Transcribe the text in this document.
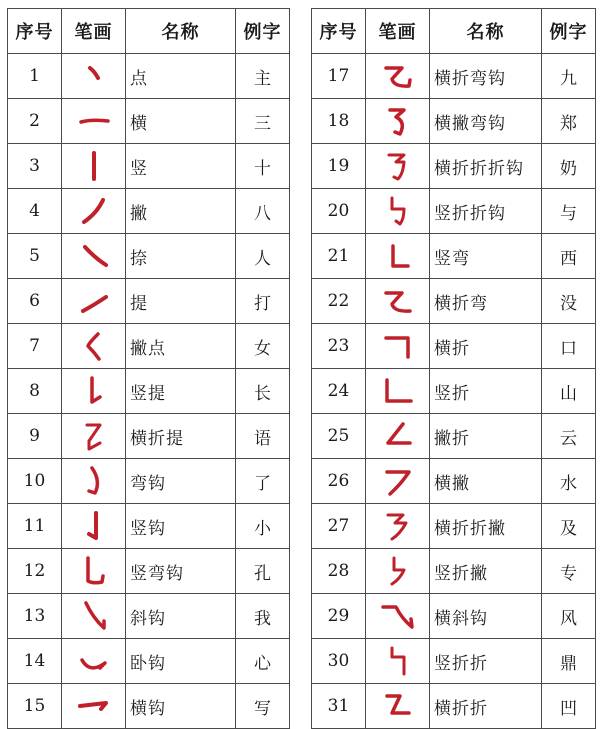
序号	笔画	名称	例字
1		点	主
2		横	三
3		竖	十
4		撇	八
5		捺	人
6		提	打
7		撇点	女
8		竖提	长
9		横折提	语
10		弯钩	了
11		竖钩	小
12		竖弯钩	孔
13		斜钩	我
14		卧钩	心
15		横钩	写
序号	笔画	名称	例字
17		横折弯钩	九
18		横撇弯钩	郑
19		横折折折钩	奶
20		竖折折钩	与
21		竖弯	西
22		横折弯	没
23		横折	口
24		竖折	山
25		撇折	云
26		横撇	水
27		横折折撇	及
28		竖折撇	专
29		横斜钩	风
30		竖折折	鼎
31		横折折	凹
